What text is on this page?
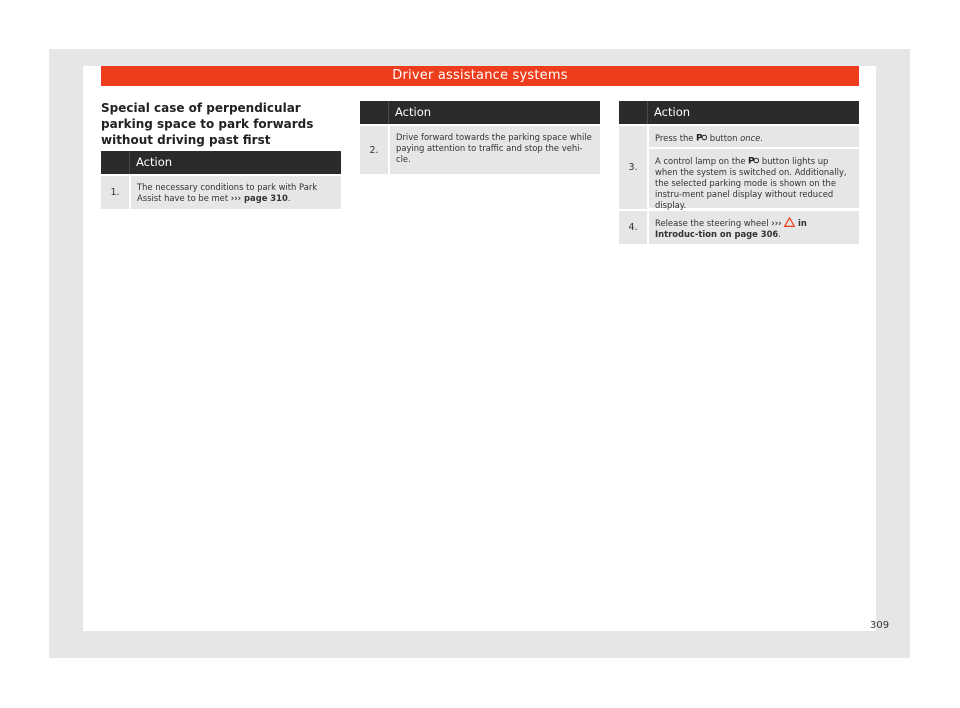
Driver assistance systems
Special case of perpendicular parking space to park forwards without driving past first
Action
1.	The necessary conditions to park with Park Assist have to be met ››› page 310.
Action
2.
Drive forward towards the parking space while paying attention to traffic and stop the vehi-cle.
Action
3.
Press the P button once.
A control lamp on the P button lights up when the system is switched on. Additionally, the selected parking mode is shown on the instru-ment panel display without reduced display.
4.	Release the steering wheel ››› in Introduc-tion on page 306.
309
